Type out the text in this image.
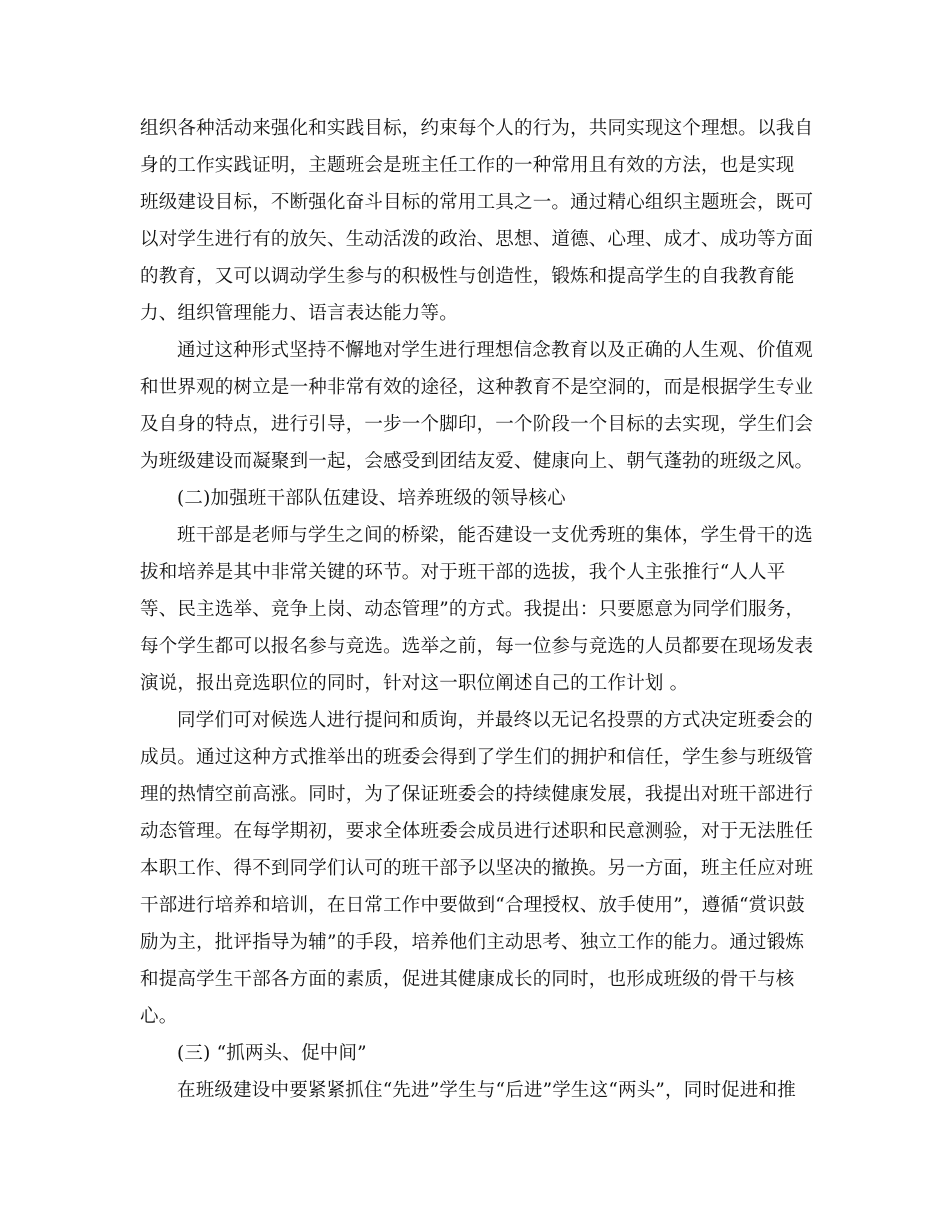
组织各种活动来强化和实践目标，约束每个人的行为，共同实现这个理想。以我自
身的工作实践证明，主题班会是班主任工作的一种常用且有效的方法，也是实现
班级建设目标，不断强化奋斗目标的常用工具之一。通过精心组织主题班会，既可
以对学生进行有的放矢、生动活泼的政治、思想、道德、心理、成才、成功等方面
的教育，又可以调动学生参与的积极性与创造性，锻炼和提高学生的自我教育能
力、组织管理能力、语言表达能力等。
通过这种形式坚持不懈地对学生进行理想信念教育以及正确的人生观、价值观
和世界观的树立是一种非常有效的途径，这种教育不是空洞的，而是根据学生专业
及自身的特点，进行引导，一步一个脚印，一个阶段一个目标的去实现，学生们会
为班级建设而凝聚到一起，会感受到团结友爱、健康向上、朝气蓬勃的班级之风。
(二)加强班干部队伍建设、培养班级的领导核心
班干部是老师与学生之间的桥梁，能否建设一支优秀班的集体，学生骨干的选
拔和培养是其中非常关键的环节。对于班干部的选拔，我个人主张推行“人人平
等、民主选举、竞争上岗、动态管理”的方式。我提出：只要愿意为同学们服务，
每个学生都可以报名参与竞选。选举之前，每一位参与竞选的人员都要在现场发表
演说，报出竞选职位的同时，针对这一职位阐述自己的工作计划 。
同学们可对候选人进行提问和质询，并最终以无记名投票的方式决定班委会的
成员。通过这种方式推举出的班委会得到了学生们的拥护和信任，学生参与班级管
理的热情空前高涨。同时，为了保证班委会的持续健康发展，我提出对班干部进行
动态管理。在每学期初，要求全体班委会成员进行述职和民意测验，对于无法胜任
本职工作、得不到同学们认可的班干部予以坚决的撤换。另一方面，班主任应对班
干部进行培养和培训，在日常工作中要做到“合理授权、放手使用”，遵循“赏识鼓
励为主，批评指导为辅”的手段，培养他们主动思考、独立工作的能力。通过锻炼
和提高学生干部各方面的素质，促进其健康成长的同时，也形成班级的骨干与核
心。
(三) “抓两头、促中间”
在班级建设中要紧紧抓住“先进”学生与“后进”学生这“两头”，同时促进和推
